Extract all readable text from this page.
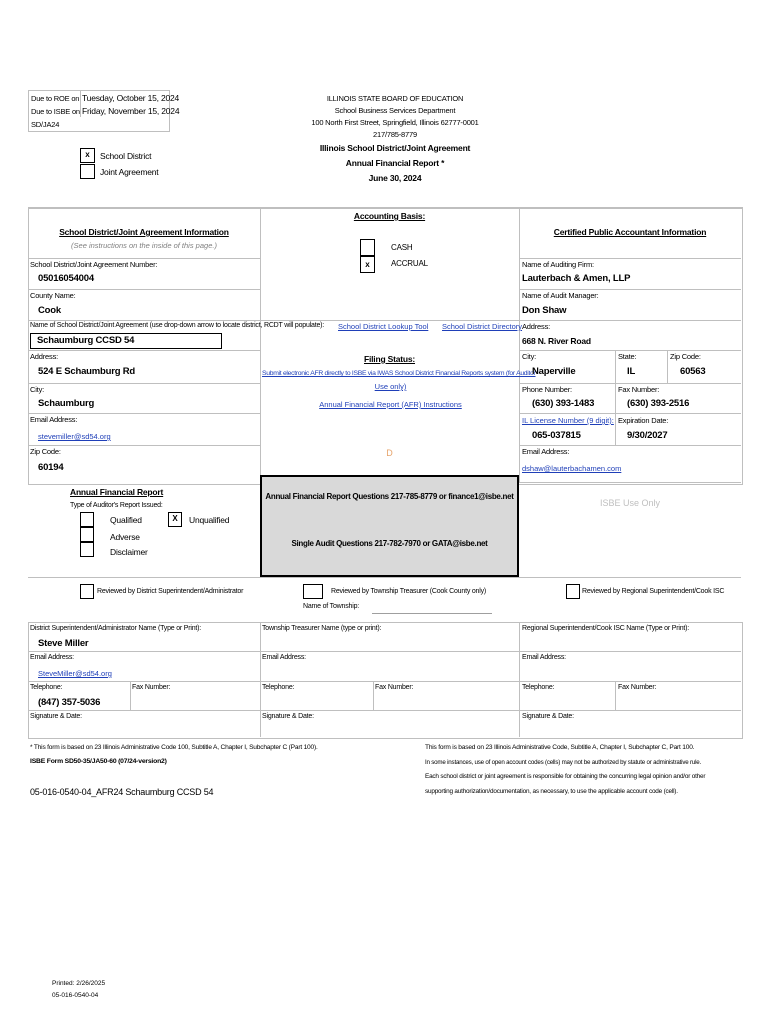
Due to ROE on Tuesday, October 15, 2024
Due to ISBE on Friday, November 15, 2024
SD/JA24
x	School District
Joint Agreement
ILLINOIS STATE BOARD OF EDUCATION
School Business Services Department
100 North First Street, Springfield, Illinois 62777-0001
217/785-8779
Illinois School District/Joint Agreement
Annual Financial Report *
June 30, 2024
School District/Joint Agreement Information
(See instructions on the inside of this page.)
School District/Joint Agreement Number:
05016054004
County Name:
Cook
Name of School District/Joint Agreement (use drop-down arrow to locate district, RCDT will populate):
Schaumburg CCSD 54
Address:
524 E Schaumburg Rd
City:
Schaumburg
Email Address:
stevemiller@sd54.org
Zip Code:
60194
Accounting Basis:
CASH
x	ACCRUAL
School District Lookup Tool School District Directory
Filing Status:
Submit electronic AFR directly to ISBE via IWAS School District Financial Reports system (for Auditor
Use only)
Annual Financial Report (AFR) Instructions
D
Certified Public Accountant Information
Name of Auditing Firm:
Lauterbach & Amen, LLP
Name of Audit Manager:
Don Shaw
Address:
668 N. River Road
City:
Naperville
State:
IL
Zip Code:
60563
Phone Number:
(630) 393-1483
Fax Number:
(630) 393-2516
IL License Number (9 digit):
065-037815
Expiration Date:
9/30/2027
Email Address:
dshaw@lauterbachamen.com
Annual Financial Report
Type of Auditor's Report Issued:
Qualified
Adverse
Disclaimer
X	Unqualified
Annual Financial Report Questions 217-785-8779 or finance1@isbe.net
Single Audit Questions 217-782-7970 or GATA@isbe.net
ISBE Use Only
Reviewed by District Superintendent/Administrator	Reviewed by Township Treasurer (Cook County only)
Name of Township:
Reviewed by Regional Superintendent/Cook ISC
District Superintendent/Administrator Name (Type or Print):
Steve Miller
Email Address:
SteveMiller@sd54.org
Telephone:
(847) 357-5036
Fax Number:
Signature & Date:
Township Treasurer Name (type or print):
Email Address:
Telephone:	Fax Number:
Signature & Date:
Regional Superintendent/Cook ISC Name (Type or Print):
Email Address:
Telephone:	Fax Number:
Signature & Date:
* This form is based on 23 Illinois Administrative Code 100, Subtitle A, Chapter I, Subchapter C (Part 100).
ISBE Form SD50-35/JA50-60 (07/24-version2)
05-016-0540-04_AFR24 Schaumburg CCSD 54
This form is based on 23 Illinois Administrative Code, Subtitle A, Chapter I, Subchapter C, Part 100.
In some instances, use of open account codes (cells) may not be authorized by statute or administrative rule.
Each school district or joint agreement is responsible for obtaining the concurring legal opinion and/or other
supporting authorization/documentation, as necessary, to use the applicable account code (cell).
Printed: 2/26/2025
05-016-0540-04
